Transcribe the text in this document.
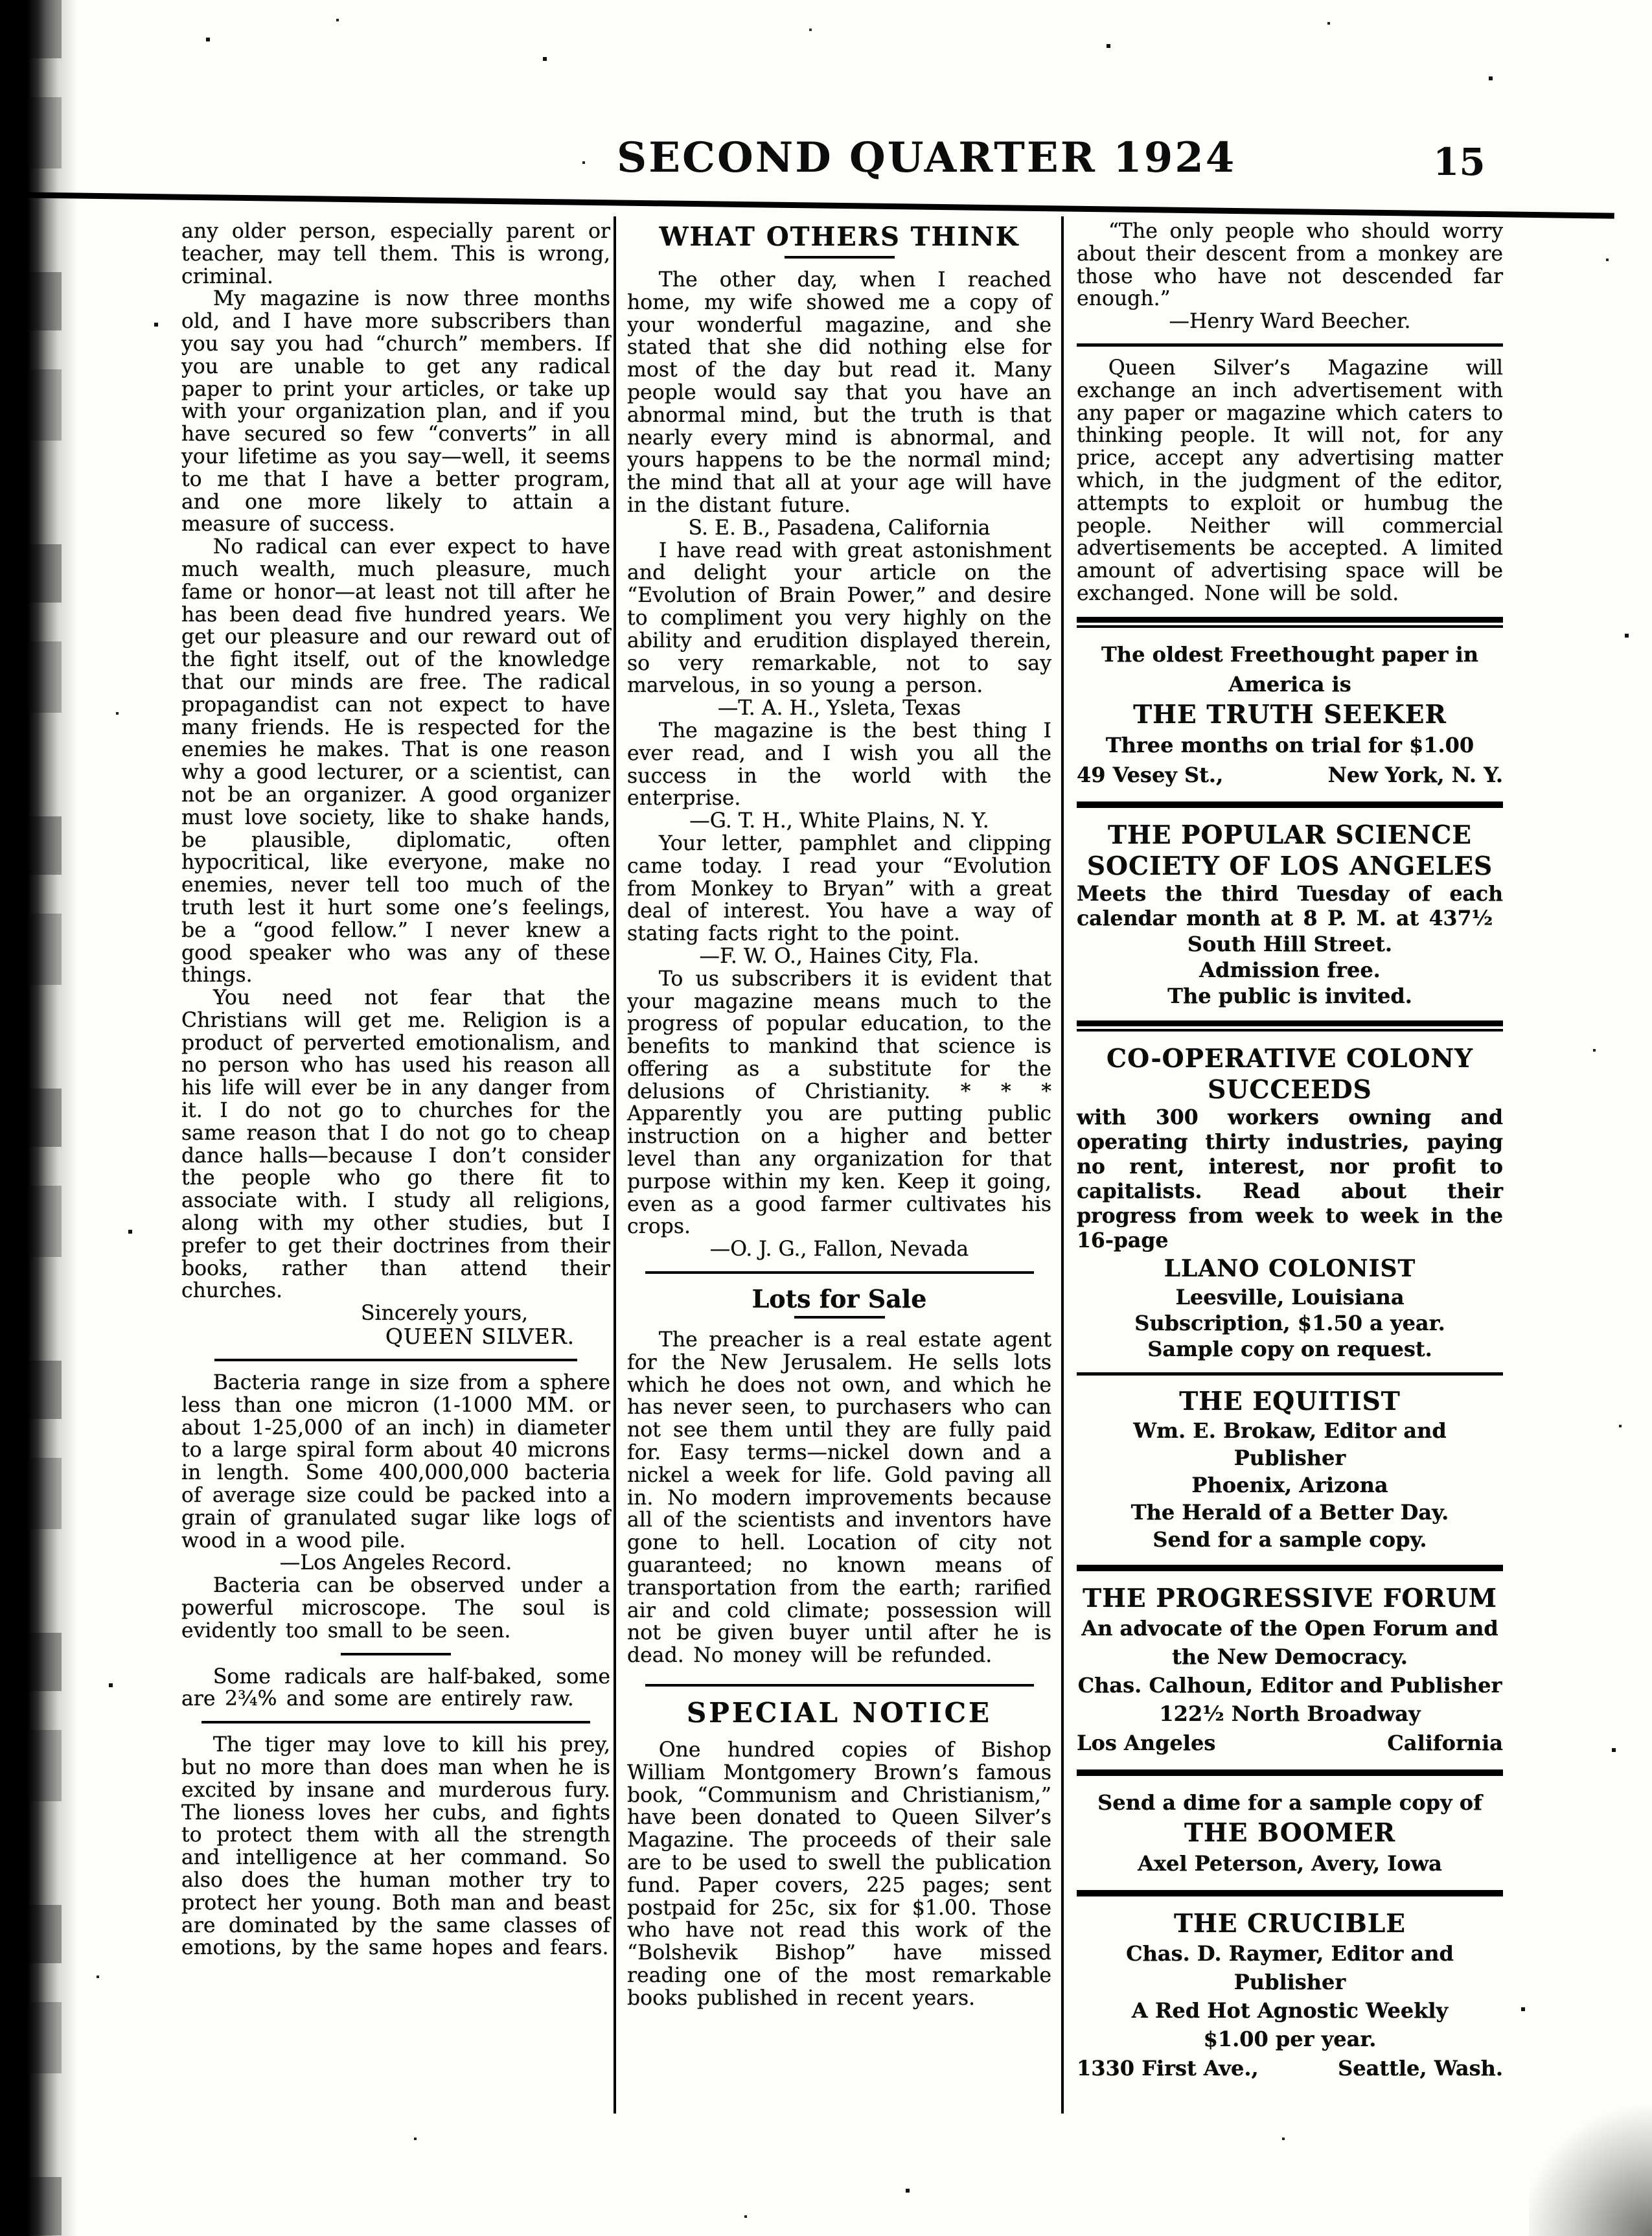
SECOND QUARTER 1924	15

any older person, especially parent or teacher, may tell them. This is wrong, criminal.

My magazine is now three months old, and I have more subscribers than you say you had “church” members. If you are unable to get any radical paper to print your articles, or take up with your organization plan, and if you have secured so few “converts” in all your lifetime as you say—well, it seems to me that I have a better program, and one more likely to attain a measure of success.

No radical can ever expect to have much wealth, much pleasure, much fame or honor—at least not till after he has been dead five hundred years. We get our pleasure and our reward out of the fight itself, out of the knowledge that our minds are free. The radical propagandist can not expect to have many friends. He is respected for the enemies he makes. That is one reason why a good lecturer, or a scientist, can not be an organizer. A good organizer must love society, like to shake hands, be plausible, diplomatic, often hypocritical, like everyone, make no enemies, never tell too much of the truth lest it hurt some one’s feelings, be a “good fellow.” I never knew a good speaker who was any of these things.

You need not fear that the Christians will get me. Religion is a product of perverted emotionalism, and no person who has used his reason all his life will ever be in any danger from it. I do not go to churches for the same reason that I do not go to cheap dance halls—because I don’t consider the people who go there fit to associate with. I study all religions, along with my other studies, but I prefer to get their doctrines from their books, rather than attend their churches.

Sincerely yours,
QUEEN SILVER.

Bacteria range in size from a sphere less than one micron (1-1000 MM. or about 1-25,000 of an inch) in diameter to a large spiral form about 40 microns in length. Some 400,000,000 bacteria of average size could be packed into a grain of granulated sugar like logs of wood in a wood pile.

—Los Angeles Record.

Bacteria can be observed under a powerful microscope. The soul is evidently too small to be seen.

Some radicals are half-baked, some are 2¾% and some are entirely raw.

The tiger may love to kill his prey, but no more than does man when he is excited by insane and murderous fury. The lioness loves her cubs, and fights to protect them with all the strength and intelligence at her command. So also does the human mother try to protect her young. Both man and beast are dominated by the same classes of emotions, by the same hopes and fears.

WHAT OTHERS THINK

The other day, when I reached home, my wife showed me a copy of your wonderful magazine, and she stated that she did nothing else for most of the day but read it. Many people would say that you have an abnormal mind, but the truth is that nearly every mind is abnormal, and yours happens to be the normal mind; the mind that all at your age will have in the distant future.

S. E. B., Pasadena, California

I have read with great astonishment and delight your article on the “Evolution of Brain Power,” and desire to compliment you very highly on the ability and erudition displayed therein, so very remarkable, not to say marvelous, in so young a person.

—T. A. H., Ysleta, Texas

The magazine is the best thing I ever read, and I wish you all the success in the world with the enterprise.

—G. T. H., White Plains, N. Y.

Your letter, pamphlet and clipping came today. I read your “Evolution from Monkey to Bryan” with a great deal of interest. You have a way of stating facts right to the point.

—F. W. O., Haines City, Fla.

To us subscribers it is evident that your magazine means much to the progress of popular education, to the benefits to mankind that science is offering as a substitute for the delusions of Christianity. * * * Apparently you are putting public instruction on a higher and better level than any organization for that purpose within my ken. Keep it going, even as a good farmer cultivates his crops.

—O. J. G., Fallon, Nevada

Lots for Sale

The preacher is a real estate agent for the New Jerusalem. He sells lots which he does not own, and which he has never seen, to purchasers who can not see them until they are fully paid for. Easy terms—nickel down and a nickel a week for life. Gold paving all in. No modern improvements because all of the scientists and inventors have gone to hell. Location of city not guaranteed; no known means of transportation from the earth; rarified air and cold climate; possession will not be given buyer until after he is dead. No money will be refunded.

SPECIAL NOTICE

One hundred copies of Bishop William Montgomery Brown’s famous book, “Communism and Christianism,” have been donated to Queen Silver’s Magazine. The proceeds of their sale are to be used to swell the publication fund. Paper covers, 225 pages; sent postpaid for 25c, six for $1.00. Those who have not read this work of the “Bolshevik Bishop” have missed reading one of the most remarkable books published in recent years.

“The only people who should worry about their descent from a monkey are those who have not descended far enough.”

—Henry Ward Beecher.

Queen Silver’s Magazine will exchange an inch advertisement with any paper or magazine which caters to thinking people. It will not, for any price, accept any advertising matter which, in the judgment of the editor, attempts to exploit or humbug the people. Neither will commercial advertisements be accepted. A limited amount of advertising space will be exchanged. None will be sold.

The oldest Freethought paper in

America is

THE TRUTH SEEKER

Three months on trial for $1.00

49 Vesey St.,	New York, N. Y.

THE POPULAR SCIENCE

SOCIETY OF LOS ANGELES

Meets the third Tuesday of each calendar month at 8 P. M. at 437½

South Hill Street.

Admission free.

The public is invited.

CO-OPERATIVE COLONY

SUCCEEDS

with 300 workers owning and operating thirty industries, paying no rent, interest, nor profit to capitalists. Read about their progress from week to week in the 16-page

LLANO COLONIST

Leesville, Louisiana

Subscription, $1.50 a year.

Sample copy on request.

THE EQUITIST

Wm. E. Brokaw, Editor and

Publisher

Phoenix, Arizona

The Herald of a Better Day.

Send for a sample copy.

THE PROGRESSIVE FORUM

An advocate of the Open Forum and

the New Democracy.

Chas. Calhoun, Editor and Publisher

122½ North Broadway

Los Angeles	California

Send a dime for a sample copy of

THE BOOMER

Axel Peterson, Avery, Iowa

THE CRUCIBLE

Chas. D. Raymer, Editor and

Publisher

A Red Hot Agnostic Weekly

$1.00 per year.

1330 First Ave.,	Seattle, Wash.
